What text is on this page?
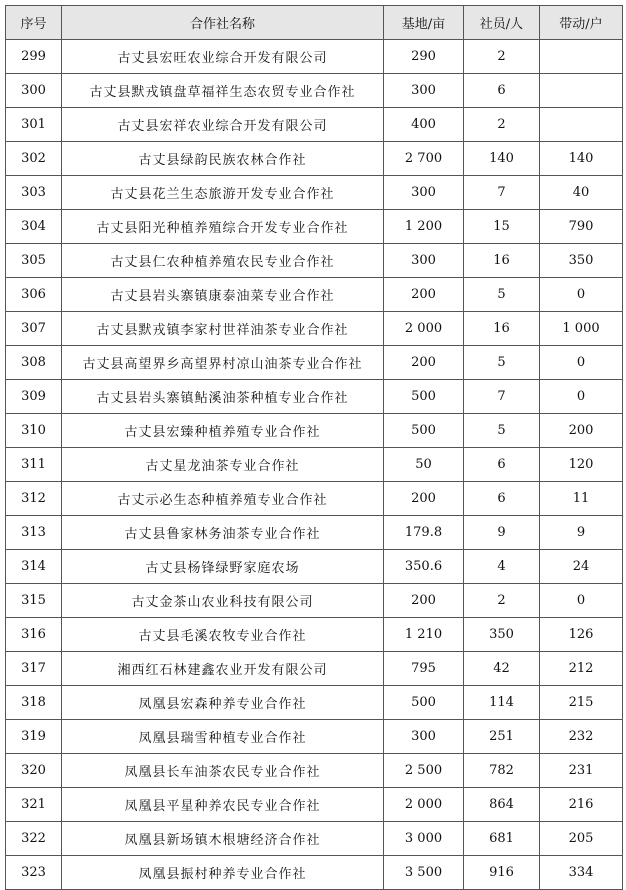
序号	合作社名称	基地/亩	社员/人	带动/户
299	古丈县宏旺农业综合开发有限公司	290	2	
300	古丈县默戎镇盘草福祥生态农贸专业合作社	300	6	
301	古丈县宏祥农业综合开发有限公司	400	2	
302	古丈县绿韵民族农林合作社	2 700	140	140
303	古丈县花兰生态旅游开发专业合作社	300	7	40
304	古丈县阳光种植养殖综合开发专业合作社	1 200	15	790
305	古丈县仁农种植养殖农民专业合作社	300	16	350
306	古丈县岩头寨镇康泰油菜专业合作社	200	5	0
307	古丈县默戎镇李家村世祥油茶专业合作社	2 000	16	1 000
308	古丈县高望界乡高望界村凉山油茶专业合作社	200	5	0
309	古丈县岩头寨镇鲇溪油茶种植专业合作社	500	7	0
310	古丈县宏臻种植养殖专业合作社	500	5	200
311	古丈星龙油茶专业合作社	50	6	120
312	古丈示必生态种植养殖专业合作社	200	6	11
313	古丈县鲁家林务油茶专业合作社	179.8	9	9
314	古丈县杨锋绿野家庭农场	350.6	4	24
315	古丈金茶山农业科技有限公司	200	2	0
316	古丈县毛溪农牧专业合作社	1 210	350	126
317	湘西红石林建鑫农业开发有限公司	795	42	212
318	凤凰县宏森种养专业合作社	500	114	215
319	凤凰县瑞雪种植专业合作社	300	251	232
320	凤凰县长车油茶农民专业合作社	2 500	782	231
321	凤凰县平星种养农民专业合作社	2 000	864	216
322	凤凰县新场镇木根塘经济合作社	3 000	681	205
323	凤凰县振村种养专业合作社	3 500	916	334
